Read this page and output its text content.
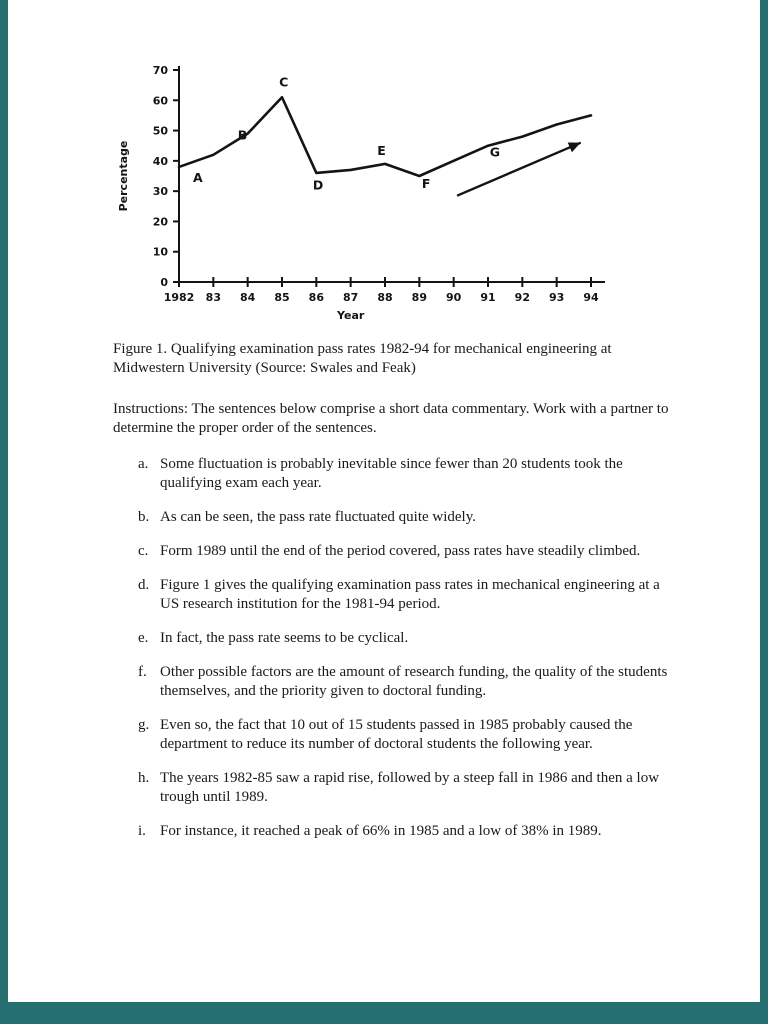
0
10
20
30
40
50
60
70
1982 83 84 85 86 87 88 89 90 91 92 93 94
A
B
C
D
E
F
G
Year
Percentage

Figure 1. Qualifying examination pass rates 1982-94 for mechanical engineering at Midwestern University (Source: Swales and Feak)

Instructions: The sentences below comprise a short data commentary. Work with a partner to determine the proper order of the sentences.

a. Some fluctuation is probably inevitable since fewer than 20 students took the qualifying exam each year.
b. As can be seen, the pass rate fluctuated quite widely.
c. Form 1989 until the end of the period covered, pass rates have steadily climbed.
d. Figure 1 gives the qualifying examination pass rates in mechanical engineering at a US research institution for the 1981-94 period.
e. In fact, the pass rate seems to be cyclical.
f. Other possible factors are the amount of research funding, the quality of the students themselves, and the priority given to doctoral funding.
g. Even so, the fact that 10 out of 15 students passed in 1985 probably caused the department to reduce its number of doctoral students the following year.
h. The years 1982-85 saw a rapid rise, followed by a steep fall in 1986 and then a low trough until 1989.
i. For instance, it reached a peak of 66% in 1985 and a low of 38% in 1989.
